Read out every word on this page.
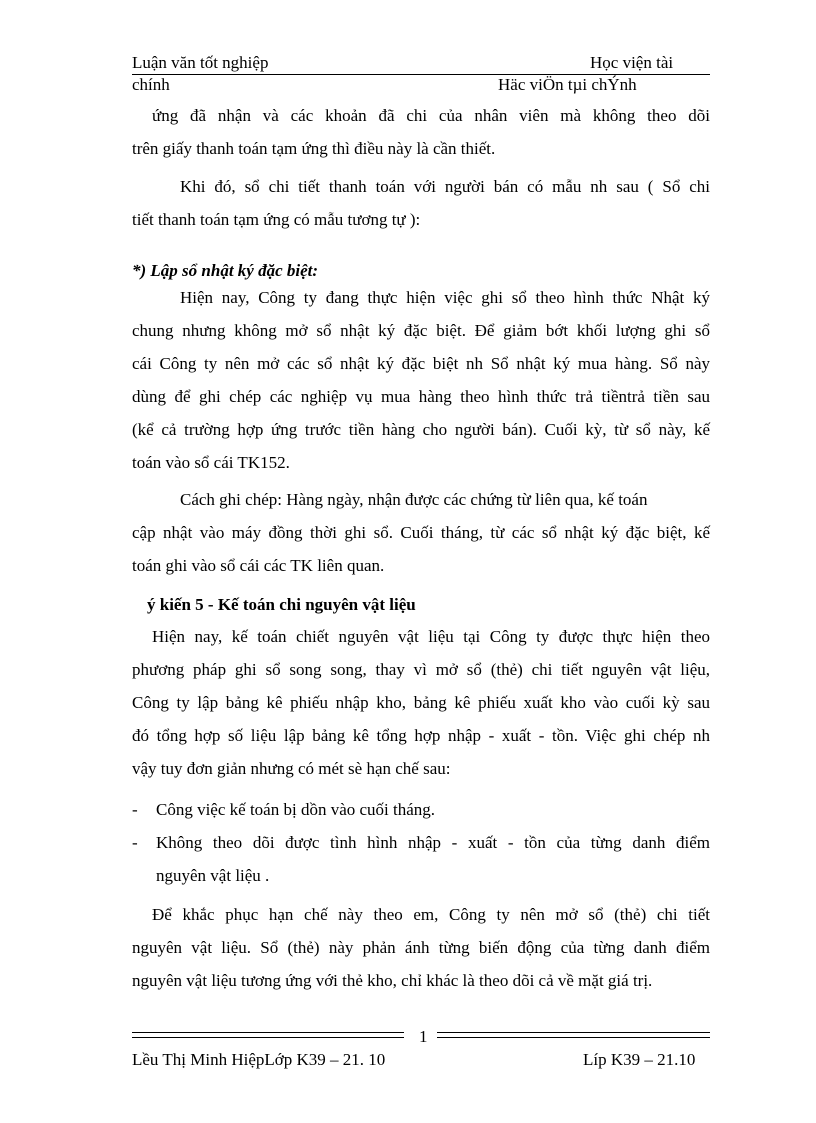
Luận văn tốt nghiệp	Học viện tài
chính	Häc viÖn tµi chÝnh
ứng đã nhận và các khoản đã chi của nhân viên mà không theo dõi
trên giấy thanh toán tạm ứng thì điều này là cần thiết.
Khi đó, sổ chi tiết thanh toán với người bán có mẫu nh sau ( Sổ chi
tiết thanh toán tạm ứng có mẫu tương tự ):
*) Lập sổ nhật ký đặc biệt:
Hiện nay, Công ty đang thực hiện việc ghi sổ theo hình thức Nhật ký
chung nhưng không mở sổ nhật ký đặc biệt. Để giảm bớt khối lượng ghi sổ
cái Công ty nên mở các sổ nhật ký đặc biệt nh Sổ nhật ký mua hàng. Sổ này
dùng để ghi chép các nghiệp vụ mua hàng theo hình thức trả tiềntrả tiền sau
(kể cả trường hợp ứng trước tiền hàng cho người bán). Cuối kỳ, từ sổ này, kế
toán vào sổ cái TK152.
Cách ghi chép: Hàng ngày, nhận được các chứng từ liên qua, kế toán
cập nhật vào máy đồng thời ghi sổ. Cuối tháng, từ các sổ nhật ký đặc biệt, kế
toán ghi vào sổ cái các TK liên quan.
ý kiến 5 - Kế toán chi nguyên vật liệu
Hiện nay, kế toán chiết nguyên vật liệu tại Công ty được thực hiện theo
phương pháp ghi sổ song song, thay vì mở sổ (thẻ) chi tiết nguyên vật liệu,
Công ty lập bảng kê phiếu nhập kho, bảng kê phiếu xuất kho vào cuối kỳ sau
đó tổng hợp số liệu lập bảng kê tổng hợp nhập - xuất - tồn. Việc ghi chép nh
vậy tuy đơn giản nhưng có mét sè hạn chế sau:
- Công việc kế toán bị dồn vào cuối tháng.
- Không theo dõi được tình hình nhập - xuất - tồn của từng danh điểm
nguyên vật liệu .
Để khắc phục hạn chế này theo em, Công ty nên mở sổ (thẻ) chi tiết
nguyên vật liệu. Sổ (thẻ) này phản ánh từng biến động của từng danh điểm
nguyên vật liệu tương ứng với thẻ kho, chỉ khác là theo dõi cả về mặt giá trị.
1
Lều Thị Minh HiệpLớp K39 – 21. 10	Líp K39 – 21.10
